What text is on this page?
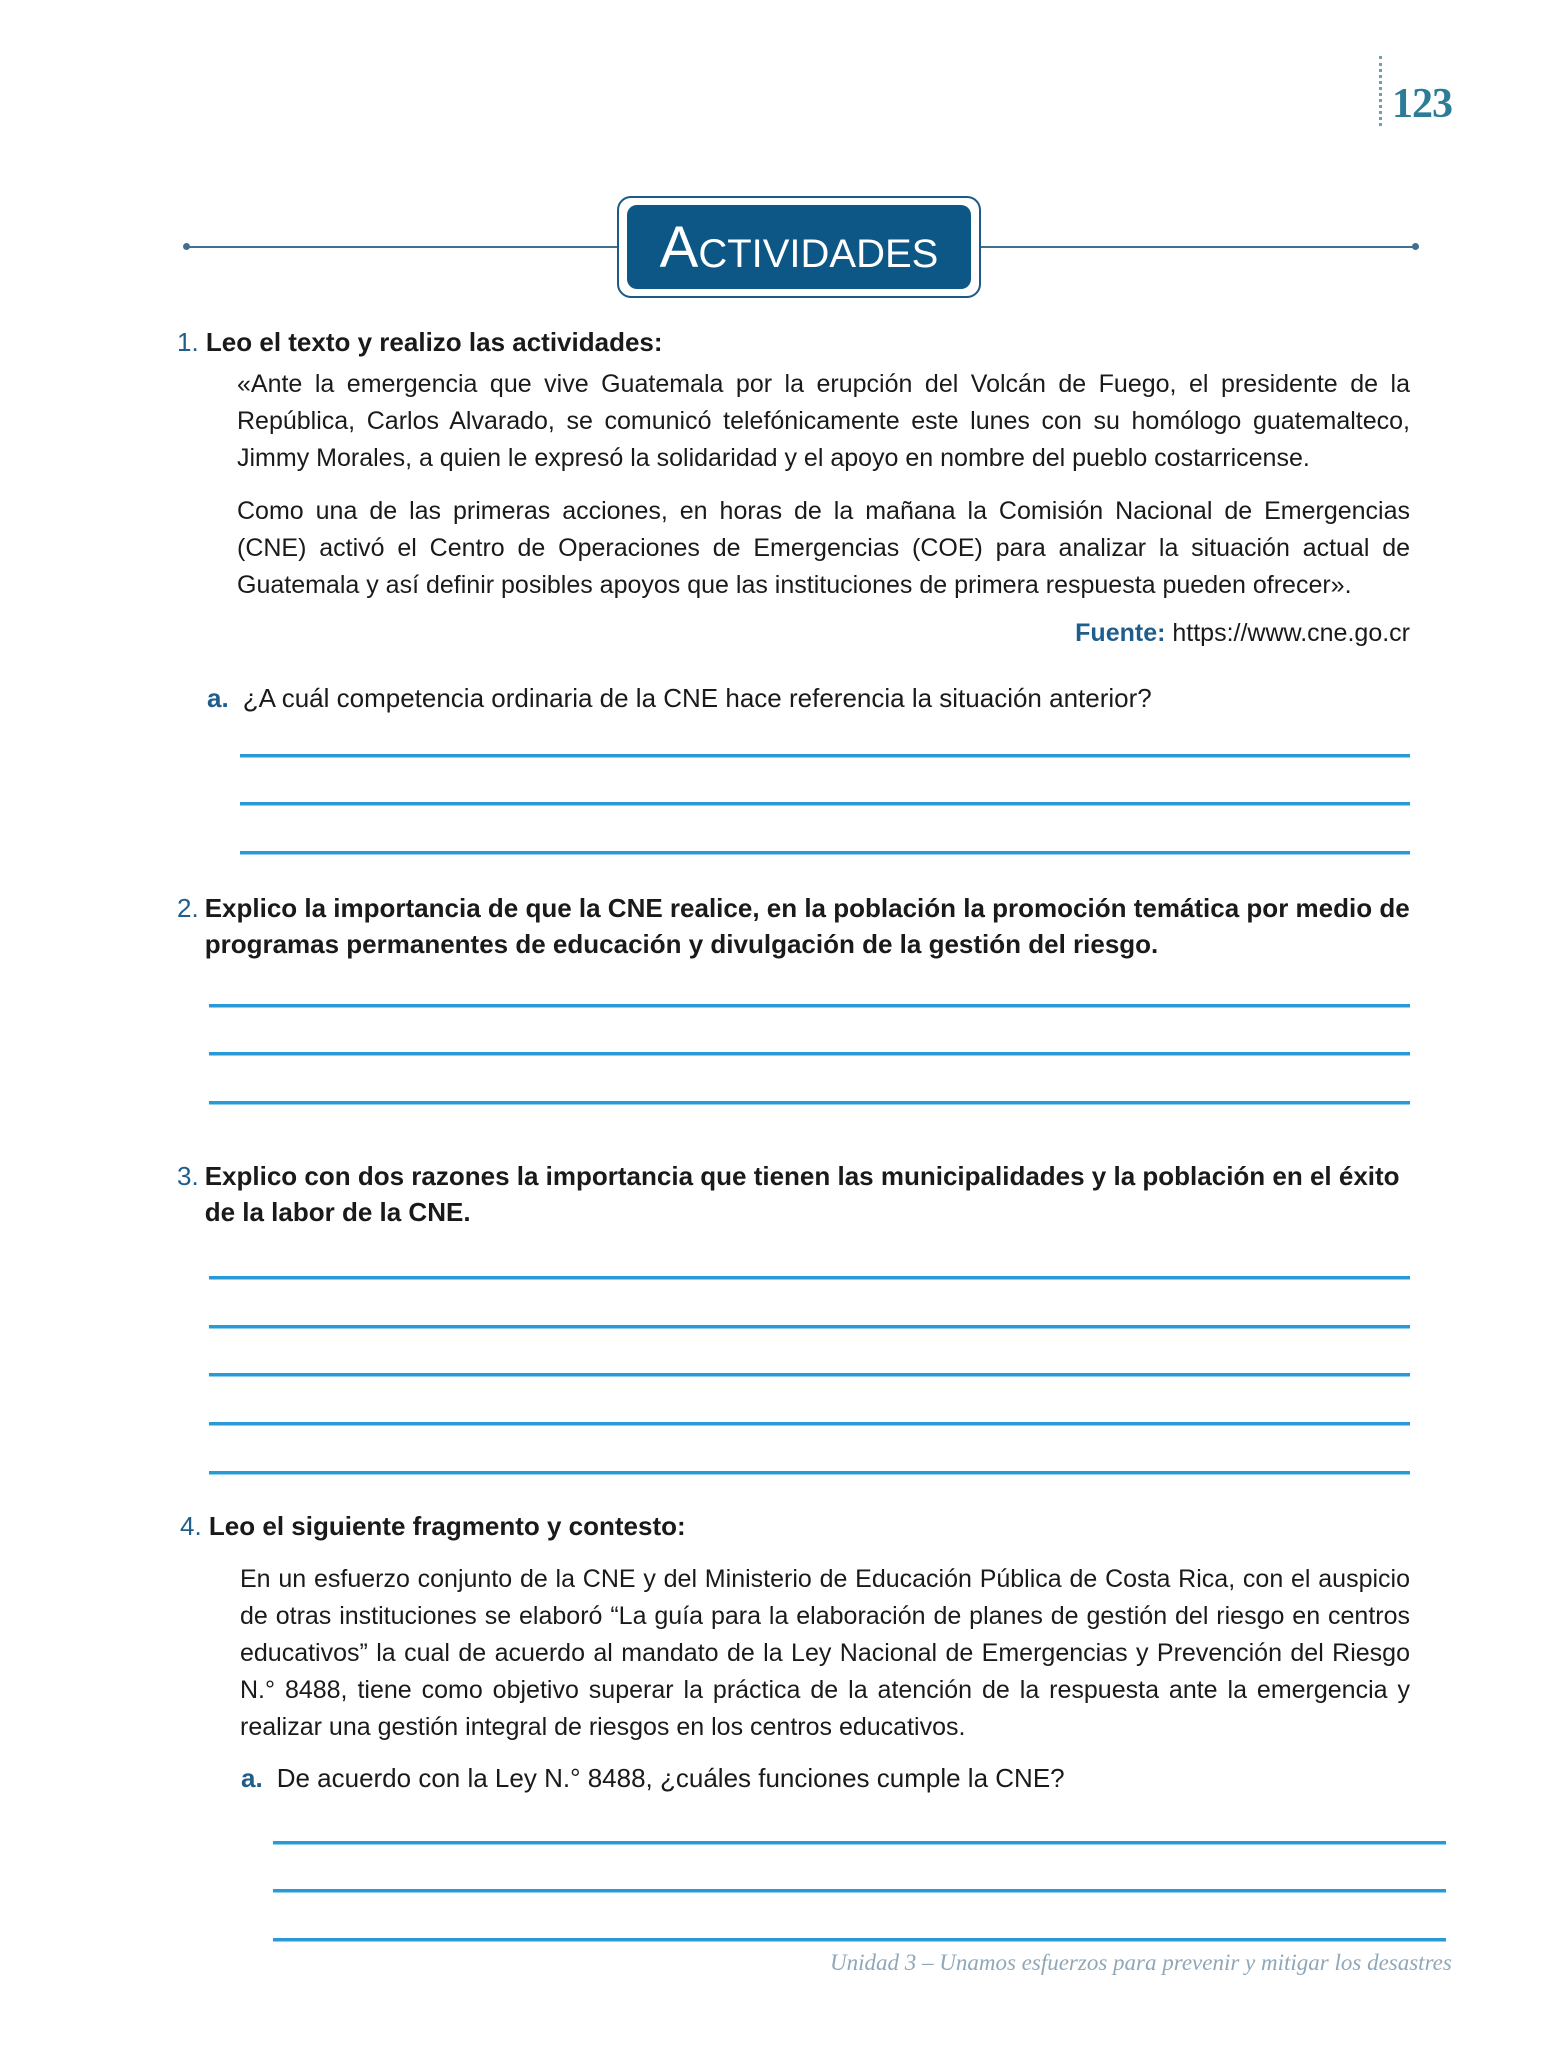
123
ACTIVIDADES
1. Leo el texto y realizo las actividades:
«Ante la emergencia que vive Guatemala por la erupción del Volcán de Fuego, el presidente de la República, Carlos Alvarado, se comunicó telefónicamente este lunes con su homólogo guatemalteco, Jimmy Morales, a quien le expresó la solidaridad y el apoyo en nombre del pueblo costarricense.
Como una de las primeras acciones, en horas de la mañana la Comisión Nacional de Emergencias (CNE) activó el Centro de Operaciones de Emergencias (COE) para analizar la situación actual de Guatemala y así definir posibles apoyos que las instituciones de primera respuesta pueden ofrecer».
Fuente: https://www.cne.go.cr
a. ¿A cuál competencia ordinaria de la CNE hace referencia la situación anterior?
2. Explico la importancia de que la CNE realice, en la población la promoción temática por medio de programas permanentes de educación y divulgación de la gestión del riesgo.
3. Explico con dos razones la importancia que tienen las municipalidades y la población en el éxito de la labor de la CNE.
4. Leo el siguiente fragmento y contesto:
En un esfuerzo conjunto de la CNE y del Ministerio de Educación Pública de Costa Rica, con el auspicio de otras instituciones se elaboró “La guía para la elaboración de planes de gestión del riesgo en centros educativos” la cual de acuerdo al mandato de la Ley Nacional de Emergencias y Prevención del Riesgo N.° 8488, tiene como objetivo superar la práctica de la atención de la respuesta ante la emergencia y realizar una gestión integral de riesgos en los centros educativos.
a. De acuerdo con la Ley N.° 8488, ¿cuáles funciones cumple la CNE?
Unidad 3 – Unamos esfuerzos para prevenir y mitigar los desastres
